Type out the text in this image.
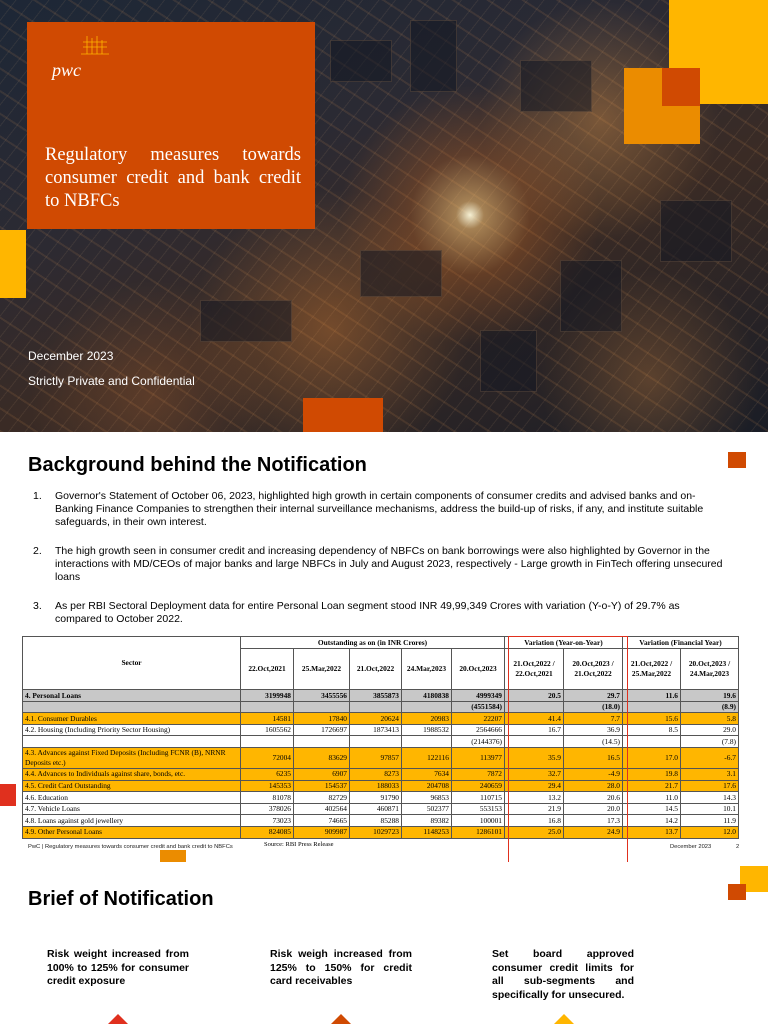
pwc
Regulatory measures towards consumer credit and bank credit to NBFCs
December 2023
Strictly Private and Confidential
Background behind the Notification
1. Governor's Statement of October 06, 2023, highlighted high growth in certain components of consumer credits and advised banks and on-Banking Finance Companies to strengthen their internal surveillance mechanisms, address the build-up of risks, if any, and institute suitable safeguards, in their own interest.
2. The high growth seen in consumer credit and increasing dependency of NBFCs on bank borrowings were also highlighted by Governor in the interactions with MD/CEOs of major banks and large NBFCs in July and August 2023, respectively - Large growth in FinTech offering unsecured loans
3. As per RBI Sectoral Deployment data for entire Personal Loan segment stood INR 49,99,349 Crores with variation (Y-o-Y) of 29.7% as compared to October 2022.
Sector	Outstanding as on (in INR Crores)					Variation (Year-on-Year)		Variation (Financial Year)	
	22.Oct,2021	25.Mar,2022	21.Oct,2022	24.Mar,2023	20.Oct,2023	21.Oct,2022 / 22.Oct,2021	20.Oct,2023 / 21.Oct,2022	21.Oct,2022 / 25.Mar,2022	20.Oct,2023 / 24.Mar,2023
4. Personal Loans	3199948	3455556	3855873	4180838	4999349	20.5	29.7	11.6	19.6
					(4551584)		(18.0)		(8.9)
4.1. Consumer Durables	14581	17840	20624	20983	22207	41.4	7.7	15.6	5.8
4.2. Housing (Including Priority Sector Housing)	1605562	1726697	1873413	1988532	2564666	16.7	36.9	8.5	29.0
					(2144376)		(14.5)		(7.8)
4.3. Advances against Fixed Deposits (Including FCNR (B), NRNR Deposits etc.)	72004	83629	97857	122116	113977	35.9	16.5	17.0	-6.7
4.4. Advances to Individuals against share, bonds, etc.	6235	6907	8273	7634	7872	32.7	-4.9	19.8	3.1
4.5. Credit Card Outstanding	145353	154537	188033	204708	240659	29.4	28.0	21.7	17.6
4.6. Education	81078	82729	91790	96853	110715	13.2	20.6	11.0	14.3
4.7. Vehicle Loans	378026	402564	460871	502377	553153	21.9	20.0	14.5	10.1
4.8. Loans against gold jewellery	73023	74665	85288	89382	100001	16.8	17.3	14.2	11.9
4.9. Other Personal Loans	824085	909987	1029723	1148253	1286101	25.0	24.9	13.7	12.0
PwC | Regulatory measures towards consumer credit and bank credit to NBFCs	Source: RBI Press Release	December 2023	2
Brief of Notification
Risk weight increased from 100% to 125% for consumer credit exposure
Risk weigh increased from 125% to 150% for credit card receivables
Set board approved consumer credit limits for all sub-segments and specifically for unsecured.
